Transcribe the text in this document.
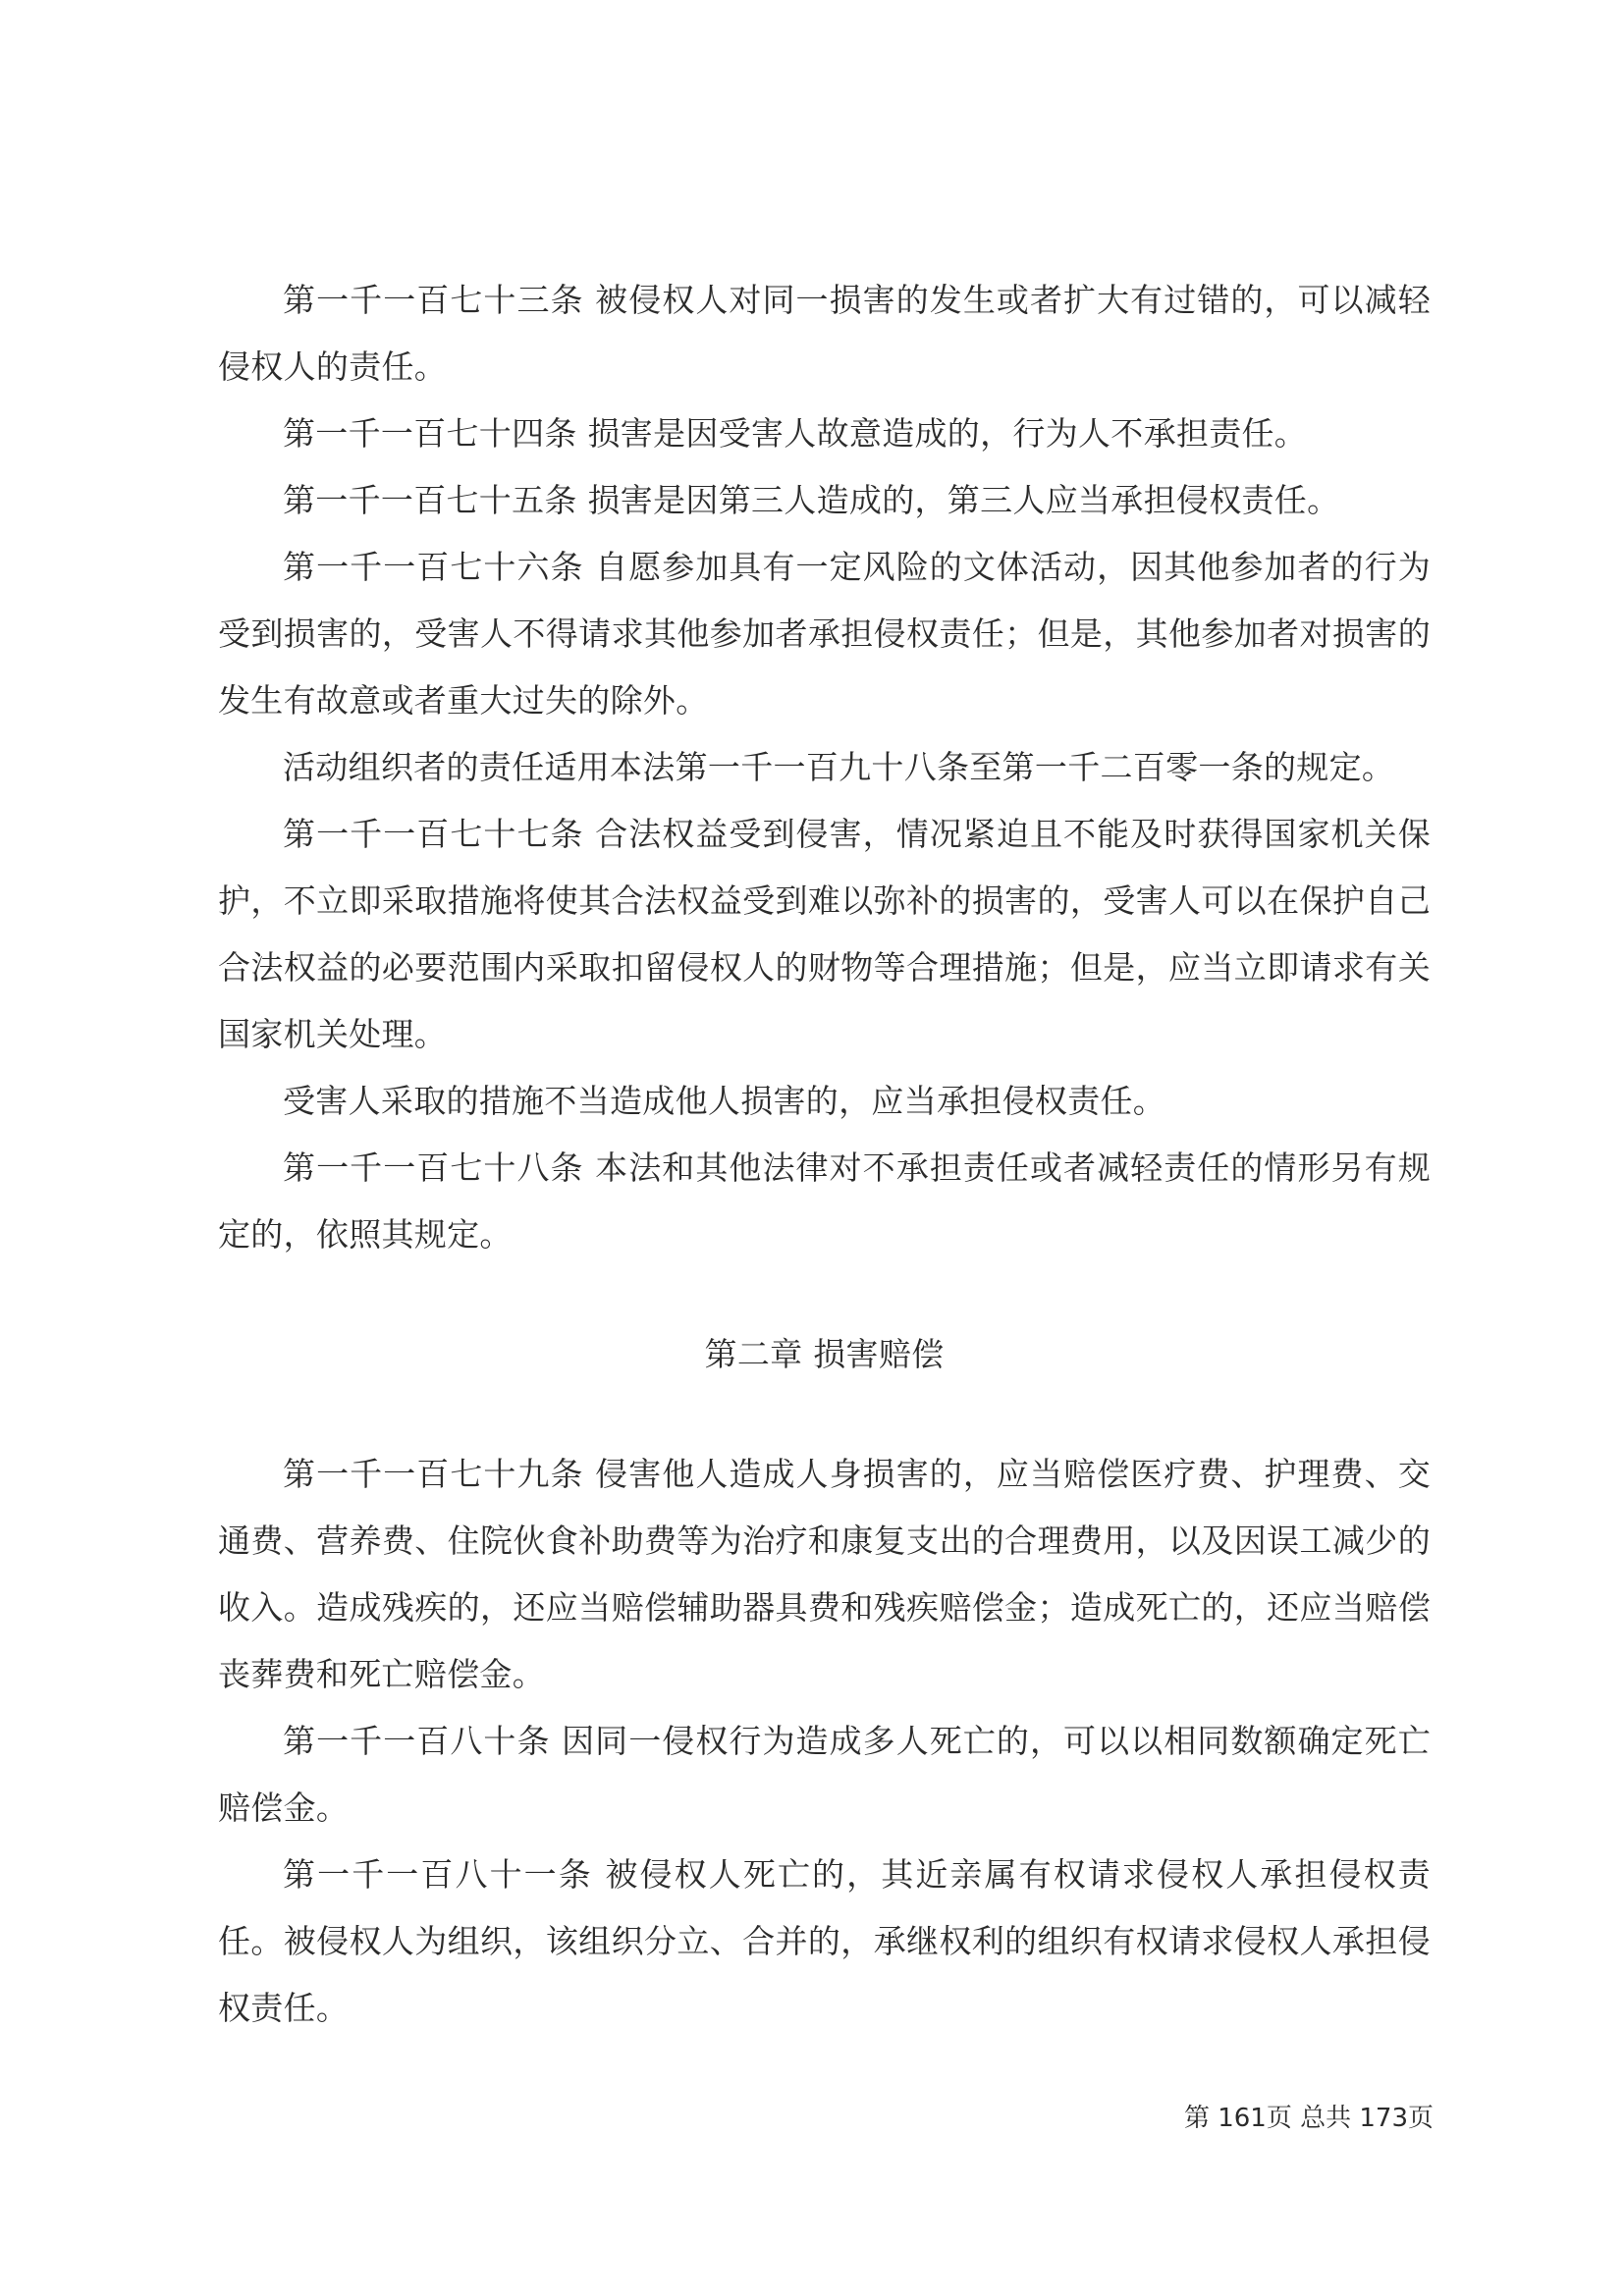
第一千一百七十三条 被侵权人对同一损害的发生或者扩大有过错的，可以减轻侵权人的责任。

第一千一百七十四条 损害是因受害人故意造成的，行为人不承担责任。

第一千一百七十五条 损害是因第三人造成的，第三人应当承担侵权责任。

第一千一百七十六条 自愿参加具有一定风险的文体活动，因其他参加者的行为受到损害的，受害人不得请求其他参加者承担侵权责任；但是，其他参加者对损害的发生有故意或者重大过失的除外。

活动组织者的责任适用本法第一千一百九十八条至第一千二百零一条的规定。

第一千一百七十七条 合法权益受到侵害，情况紧迫且不能及时获得国家机关保护，不立即采取措施将使其合法权益受到难以弥补的损害的，受害人可以在保护自己合法权益的必要范围内采取扣留侵权人的财物等合理措施；但是，应当立即请求有关国家机关处理。

受害人采取的措施不当造成他人损害的，应当承担侵权责任。

第一千一百七十八条 本法和其他法律对不承担责任或者减轻责任的情形另有规定的，依照其规定。

第二章 损害赔偿

第一千一百七十九条 侵害他人造成人身损害的，应当赔偿医疗费、护理费、交通费、营养费、住院伙食补助费等为治疗和康复支出的合理费用，以及因误工减少的收入。造成残疾的，还应当赔偿辅助器具费和残疾赔偿金；造成死亡的，还应当赔偿丧葬费和死亡赔偿金。

第一千一百八十条 因同一侵权行为造成多人死亡的，可以以相同数额确定死亡赔偿金。

第一千一百八十一条 被侵权人死亡的，其近亲属有权请求侵权人承担侵权责任。被侵权人为组织，该组织分立、合并的，承继权利的组织有权请求侵权人承担侵权责任。

第 161页 总共 173页
